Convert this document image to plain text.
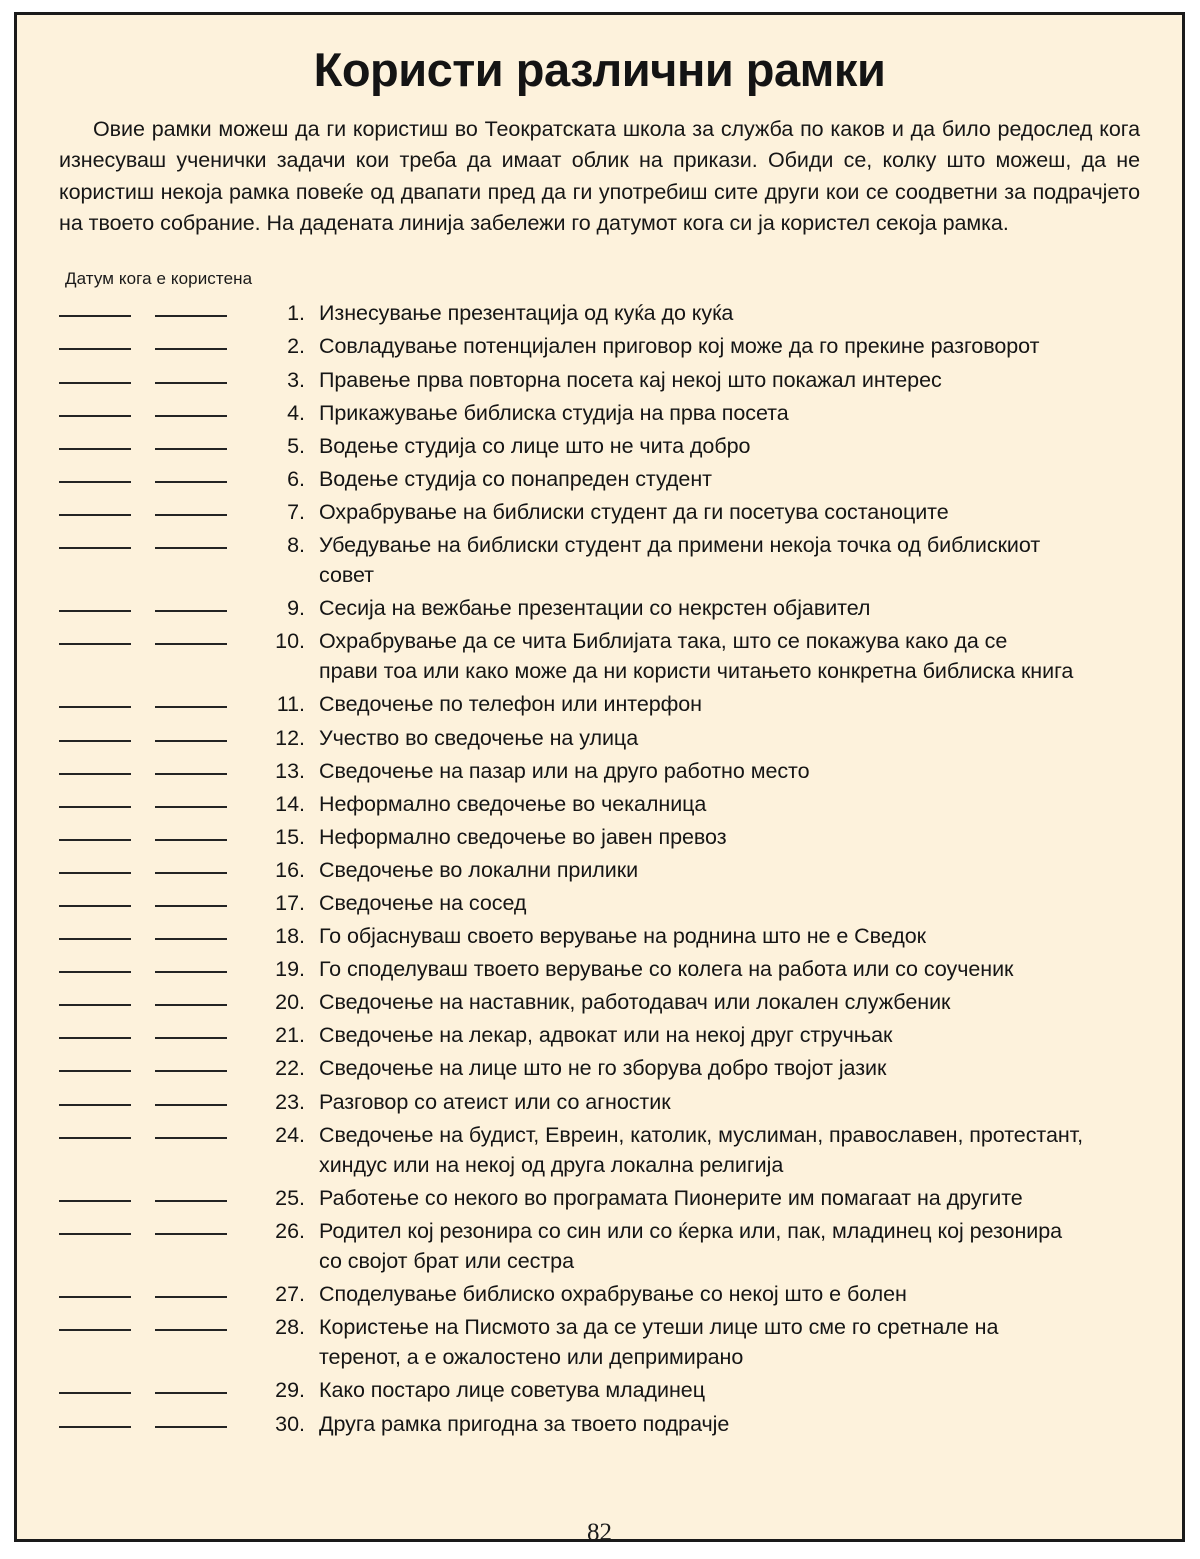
Користи различни рамки

Овие рамки можеш да ги користиш во Теократската школа за служба по каков и да било редослед кога изнесуваш ученички задачи кои треба да имаат облик на прикази. Обиди се, колку што можеш, да не користиш некоја рамка повеќе од двапати пред да ги употребиш сите други кои се соодветни за подрачјето на твоето собрание. На дадената линија забележи го датумот кога си ја користел секоја рамка.

Датум кога е користена
1. Изнесување презентација од куќа до куќа
2. Совладување потенцијален приговор кој може да го прекине разговорот
3. Правење прва повторна посета кај некој што покажал интерес
4. Прикажување библиска студија на прва посета
5. Водење студија со лице што не чита добро
6. Водење студија со понапреден студент
7. Охрабрување на библиски студент да ги посетува состаноците
8. Убедување на библиски студент да примени некоја точка од библискиот
совет
9. Сесија на вежбање презентации со некрстен објавител
10. Охрабрување да се чита Библијата така, што се покажува како да се
прави тоа или како може да ни користи читањето конкретна библиска книга
11. Сведочење по телефон или интерфон
12. Учество во сведочење на улица
13. Сведочење на пазар или на друго работно место
14. Неформално сведочење во чекалница
15. Неформално сведочење во јавен превоз
16. Сведочење во локални прилики
17. Сведочење на сосед
18. Го објаснуваш своето верување на роднина што не е Сведок
19. Го споделуваш твоето верување со колега на работа или со соученик
20. Сведочење на наставник, работодавач или локален службеник
21. Сведочење на лекар, адвокат или на некој друг стручњак
22. Сведочење на лице што не го зборува добро твојот јазик
23. Разговор со атеист или со агностик
24. Сведочење на будист, Евреин, католик, муслиман, православен, протестант,
хиндус или на некој од друга локална религија
25. Работење со некого во програмата Пионерите им помагаат на другите
26. Родител кој резонира со син или со ќерка или, пак, младинец кој резонира
со својот брат или сестра
27. Споделување библиско охрабрување со некој што е болен
28. Користење на Писмото за да се утеши лице што сме го сретнале на
теренот, а е ожалостено или депримирано
29. Како постаро лице советува младинец
30. Друга рамка пригодна за твоето подрачје
82
